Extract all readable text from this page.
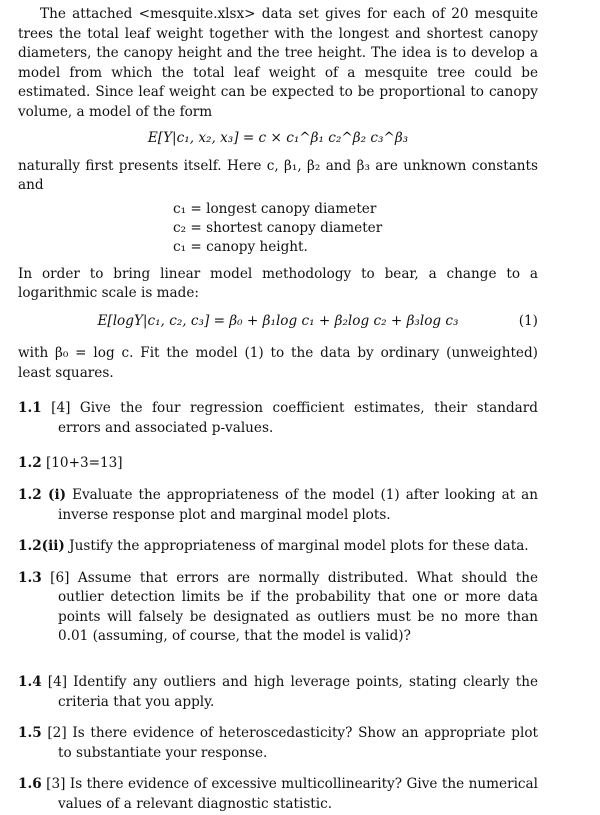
The attached <mesquite.xlsx> data set gives for each of 20 mesquite trees the total leaf weight together with the longest and shortest canopy diameters, the canopy height and the tree height. The idea is to develop a model from which the total leaf weight of a mesquite tree could be estimated. Since leaf weight can be expected to be proportional to canopy volume, a model of the form

E[Y|c₁, x₂, x₃] = c × c₁^β₁ c₂^β₂ c₃^β₃

naturally first presents itself. Here c, β₁, β₂ and β₃ are unknown constants and

c₁ = longest canopy diameter
c₂ = shortest canopy diameter
c₁ = canopy height.

In order to bring linear model methodology to bear, a change to a logarithmic scale is made:

E[logY|c₁, c₂, c₃] = β₀ + β₁log c₁ + β₂log c₂ + β₃log c₃	(1)

with β₀ = log c. Fit the model (1) to the data by ordinary (unweighted) least squares.

1.1 [4] Give the four regression coefficient estimates, their standard errors and associated p-values.

1.2 [10+3=13]

1.2 (i) Evaluate the appropriateness of the model (1) after looking at an inverse response plot and marginal model plots.

1.2(ii) Justify the appropriateness of marginal model plots for these data.

1.3 [6] Assume that errors are normally distributed. What should the outlier detection limits be if the probability that one or more data points will falsely be designated as outliers must be no more than 0.01 (assuming, of course, that the model is valid)?

1.4 [4] Identify any outliers and high leverage points, stating clearly the criteria that you apply.

1.5 [2] Is there evidence of heteroscedasticity? Show an appropriate plot to substantiate your response.

1.6 [3] Is there evidence of excessive multicollinearity? Give the numerical values of a relevant diagnostic statistic.
